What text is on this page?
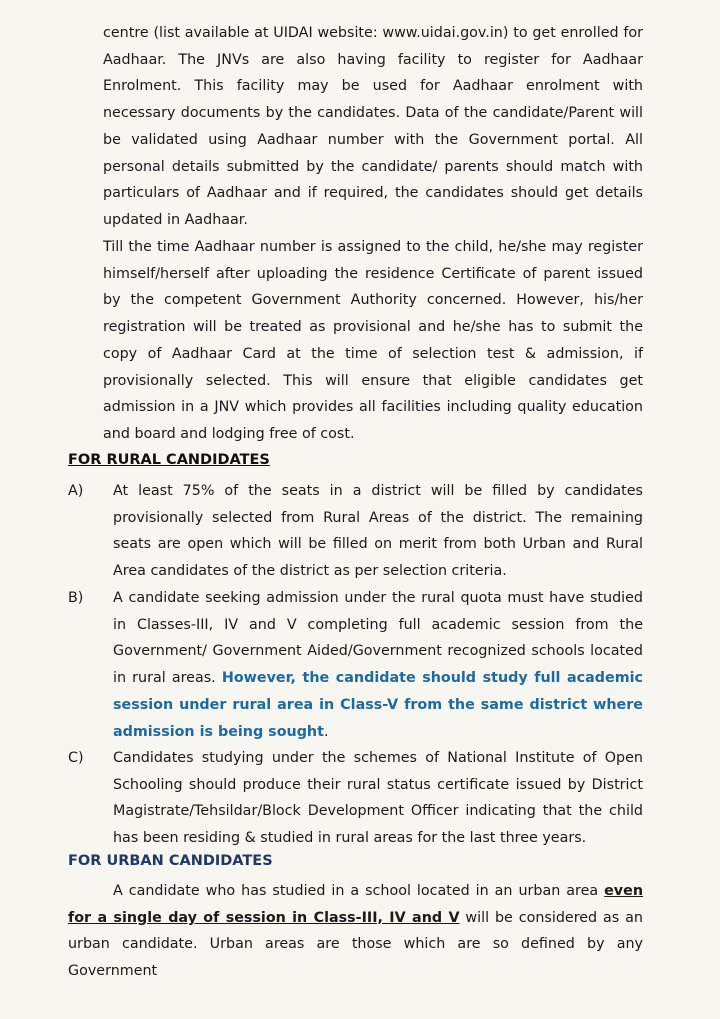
centre (list available at UIDAI website: www.uidai.gov.in) to get enrolled for Aadhaar. The JNVs are also having facility to register for Aadhaar Enrolment. This facility may be used for Aadhaar enrolment with necessary documents by the candidates. Data of the candidate/Parent will be validated using Aadhaar number with the Government portal. All personal details submitted by the candidate/ parents should match with particulars of Aadhaar and if required, the candidates should get details updated in Aadhaar.
Till the time Aadhaar number is assigned to the child, he/she may register himself/herself after uploading the residence Certificate of parent issued by the competent Government Authority concerned. However, his/her registration will be treated as provisional and he/she has to submit the copy of Aadhaar Card at the time of selection test & admission, if provisionally selected. This will ensure that eligible candidates get admission in a JNV which provides all facilities including quality education and board and lodging free of cost.
FOR RURAL CANDIDATES
A)	At least 75% of the seats in a district will be filled by candidates provisionally selected from Rural Areas of the district. The remaining seats are open which will be filled on merit from both Urban and Rural Area candidates of the district as per selection criteria.
B)	A candidate seeking admission under the rural quota must have studied in Classes-III, IV and V completing full academic session from the Government/ Government Aided/Government recognized schools located in rural areas. However, the candidate should study full academic session under rural area in Class-V from the same district where admission is being sought.
C)	Candidates studying under the schemes of National Institute of Open Schooling should produce their rural status certificate issued by District Magistrate/Tehsildar/Block Development Officer indicating that the child has been residing & studied in rural areas for the last three years.
FOR URBAN CANDIDATES
A candidate who has studied in a school located in an urban area even for a single day of session in Class-III, IV and V will be considered as an urban candidate. Urban areas are those which are so defined by any Government
